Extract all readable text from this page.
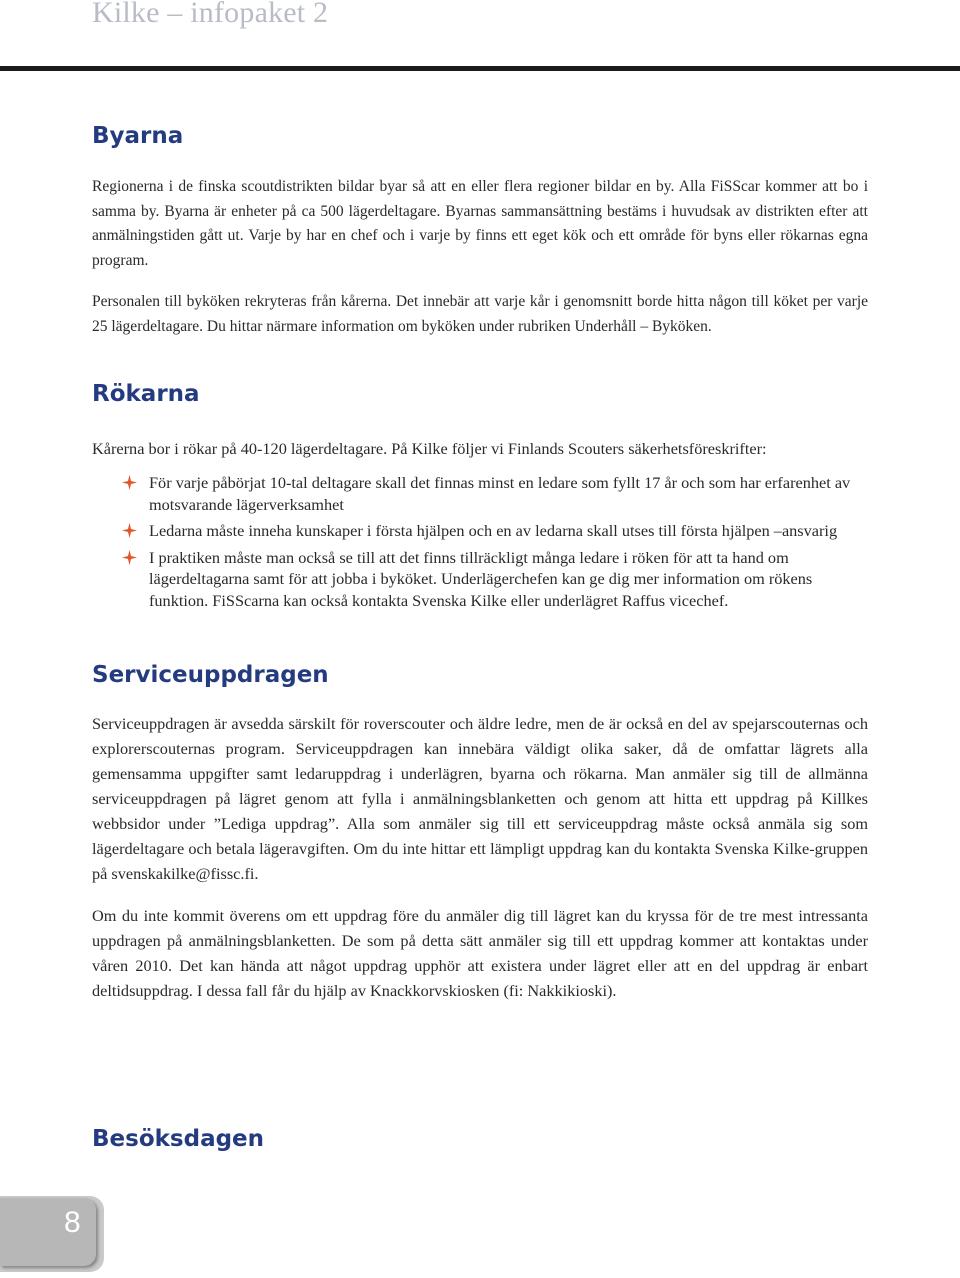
Kilke – infopaket 2
Byarna

Regionerna i de finska scoutdistrikten bildar byar så att en eller flera regioner bildar en by. Alla FiSScar kommer att bo i samma by. Byarna är enheter på ca 500 lägerdeltagare. Byarnas sammansättning bestäms i huvudsak av distrikten efter att anmälningstiden gått ut. Varje by har en chef och i varje by finns ett eget kök och ett område för byns eller rökarnas egna program.

Personalen till byköken rekryteras från kårerna. Det innebär att varje kår i genomsnitt borde hitta någon till köket per varje 25 lägerdeltagare. Du hittar närmare information om byköken under rubriken Underhåll – Byköken.

Rökarna

Kårerna bor i rökar på 40-120 lägerdeltagare. På Kilke följer vi Finlands Scouters säkerhetsföreskrifter:

För varje påbörjat 10-tal deltagare skall det finnas minst en ledare som fyllt 17 år och som har erfarenhet av motsvarande lägerverksamhet
Ledarna måste inneha kunskaper i första hjälpen och en av ledarna skall utses till första hjälpen –ansvarig
I praktiken måste man också se till att det finns tillräckligt många ledare i röken för att ta hand om lägerdeltagarna samt för att jobba i byköket. Underlägerchefen kan ge dig mer information om rökens funktion. FiSScarna kan också kontakta Svenska Kilke eller underlägret Raffus vicechef.
Serviceuppdragen

Serviceuppdragen är avsedda särskilt för roverscouter och äldre ledre, men de är också en del av spejarscouternas och explorerscouternas program. Serviceuppdragen kan innebära väldigt olika saker, då de omfattar lägrets alla gemensamma uppgifter samt ledaruppdrag i underlägren, byarna och rökarna. Man anmäler sig till de allmänna serviceuppdragen på lägret genom att fylla i anmälningsblanketten och genom att hitta ett uppdrag på Killkes webbsidor under ”Lediga uppdrag”. Alla som anmäler sig till ett serviceuppdrag måste också anmäla sig som lägerdeltagare och betala lägeravgiften. Om du inte hittar ett lämpligt uppdrag kan du kontakta Svenska Kilke-gruppen på svenskakilke@fissc.fi.

Om du inte kommit överens om ett uppdrag före du anmäler dig till lägret kan du kryssa för de tre mest intressanta uppdragen på anmälningsblanketten. De som på detta sätt anmäler sig till ett uppdrag kommer att kontaktas under våren 2010. Det kan hända att något uppdrag upphör att existera under lägret eller att en del uppdrag är enbart deltidsuppdrag. I dessa fall får du hjälp av Knackkorvskiosken (fi: Nakkikioski).

Besöksdagen
8
